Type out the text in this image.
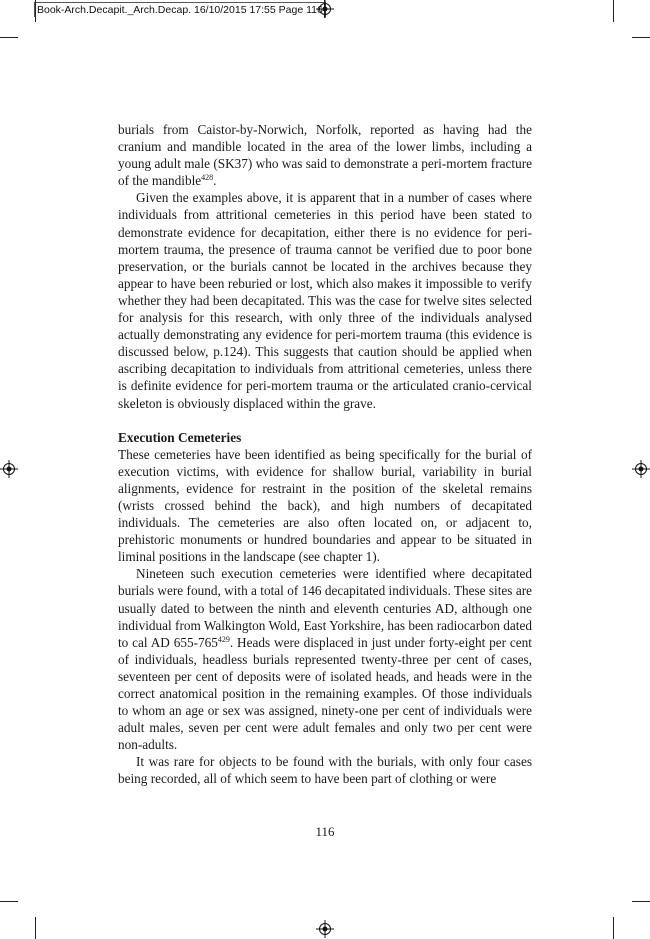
Book-Arch.Decapit._Arch.Decap. 16/10/2015 17:55 Page 116

burials from Caistor-by-Norwich, Norfolk, reported as having had the cranium and mandible located in the area of the lower limbs, including a young adult male (SK37) who was said to demonstrate a peri-mortem fracture of the mandible$^{428}$.

Given the examples above, it is apparent that in a number of cases where individuals from attritional cemeteries in this period have been stated to demonstrate evidence for decapitation, either there is no evidence for peri-mortem trauma, the presence of trauma cannot be verified due to poor bone preservation, or the burials cannot be located in the archives because they appear to have been reburied or lost, which also makes it impossible to verify whether they had been decapitated. This was the case for twelve sites selected for analysis for this research, with only three of the individuals analysed actually demonstrating any evidence for peri-mortem trauma (this evidence is discussed below, p.124). This suggests that caution should be applied when ascribing decapitation to individuals from attritional cemeteries, unless there is definite evidence for peri-mortem trauma or the articulated cranio-cervical skeleton is obviously displaced within the grave.

Execution Cemeteries

These cemeteries have been identified as being specifically for the burial of execution victims, with evidence for shallow burial, variability in burial alignments, evidence for restraint in the position of the skeletal remains (wrists crossed behind the back), and high numbers of decapitated individuals. The cemeteries are also often located on, or adjacent to, prehistoric monuments or hundred boundaries and appear to be situated in liminal positions in the landscape (see chapter 1).

Nineteen such execution cemeteries were identified where decapitated burials were found, with a total of 146 decapitated individuals. These sites are usually dated to between the ninth and eleventh centuries AD, although one individual from Walkington Wold, East Yorkshire, has been radiocarbon dated to cal AD $655-765^{429}$. Heads were displaced in just under forty-eight per cent of individuals, headless burials represented twenty-three per cent of cases, seventeen per cent of deposits were of isolated heads, and heads were in the correct anatomical position in the remaining examples. Of those individuals to whom an age or sex was assigned, ninety-one per cent of individuals were adult males, seven per cent were adult females and only two per cent were non-adults.

It was rare for objects to be found with the burials, with only four cases being recorded, all of which seem to have been part of clothing or were

116
